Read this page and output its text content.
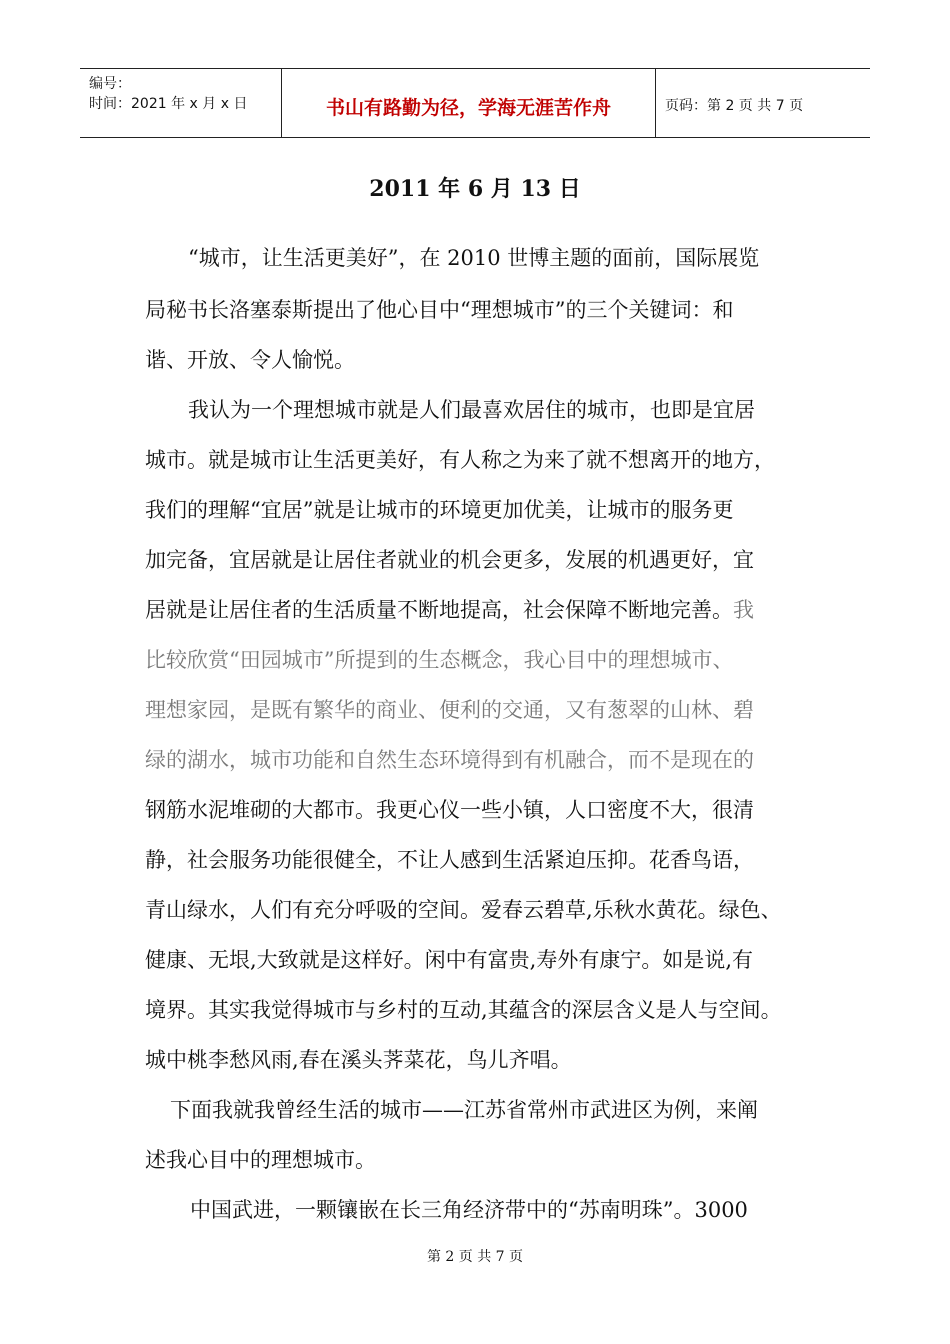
编号：
时间：2021 年 x 月 x 日	书山有路勤为径，学海无涯苦作舟	页码：第 2 页 共 7 页
2011 年 6 月 13 日
“城市，让生活更美好”，在 2010 世博主题的面前，国际展览
局秘书长洛塞泰斯提出了他心目中“理想城市”的三个关键词：和
谐、开放、令人愉悦。
我认为一个理想城市就是人们最喜欢居住的城市，也即是宜居
城市。就是城市让生活更美好，有人称之为来了就不想离开的地方，
我们的理解“宜居”就是让城市的环境更加优美，让城市的服务更
加完备，宜居就是让居住者就业的机会更多，发展的机遇更好，宜
居就是让居住者的生活质量不断地提高，社会保障不断地完善。我
比较欣赏“田园城市”所提到的生态概念，我心目中的理想城市、
理想家园，是既有繁华的商业、便利的交通，又有葱翠的山林、碧
绿的湖水，城市功能和自然生态环境得到有机融合，而不是现在的
钢筋水泥堆砌的大都市。我更心仪一些小镇，人口密度不大，很清
静，社会服务功能很健全，不让人感到生活紧迫压抑。花香鸟语，
青山绿水，人们有充分呼吸的空间。爱春云碧草,乐秋水黄花。绿色、
健康、无垠,大致就是这样好。闲中有富贵,寿外有康宁。如是说,有
境界。其实我觉得城市与乡村的互动,其蕴含的深层含义是人与空间。
城中桃李愁风雨,春在溪头荠菜花，鸟儿齐唱。
下面我就我曾经生活的城市——江苏省常州市武进区为例，来阐
述我心目中的理想城市。
中国武进，一颗镶嵌在长三角经济带中的“苏南明珠”。3000
第 2 页 共 7 页
